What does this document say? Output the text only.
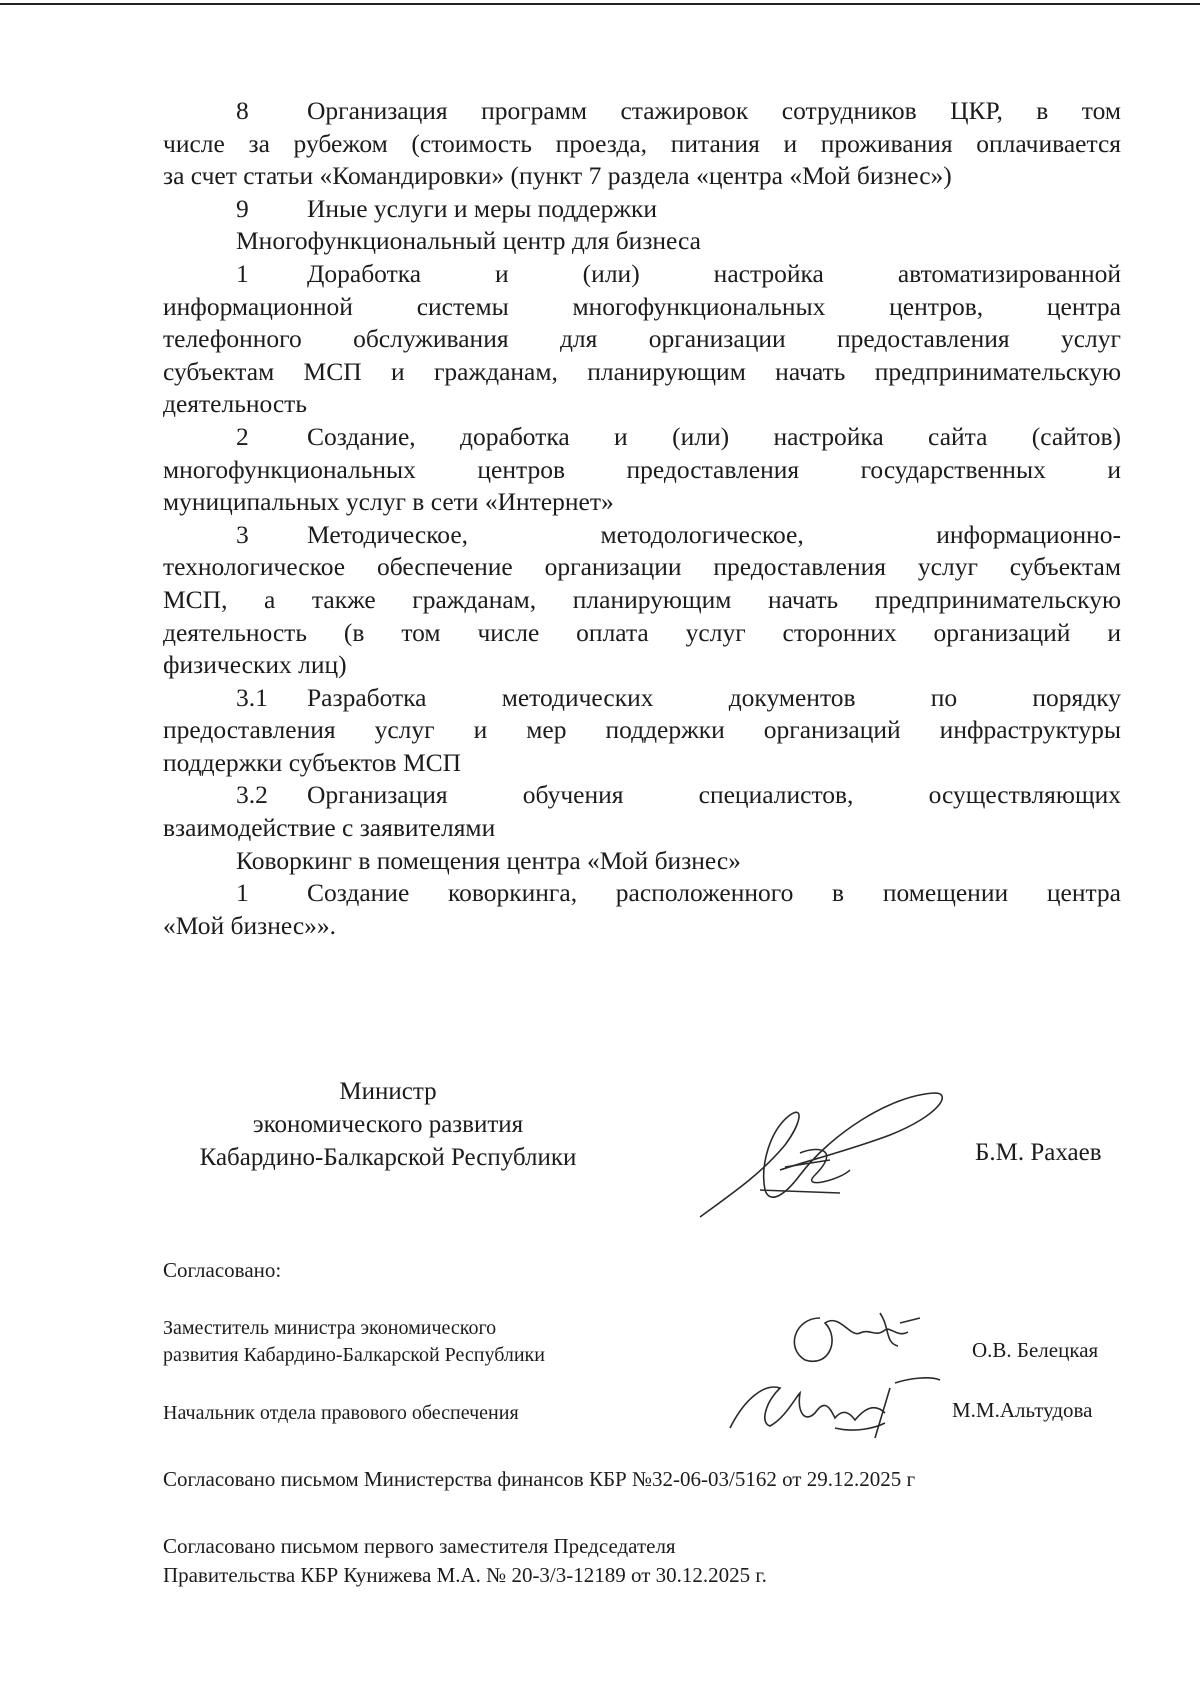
8 Организация программ стажировок сотрудников ЦКР, в том
числе за рубежом (стоимость проезда, питания и проживания оплачивается
за счет статьи «Командировки» (пункт 7 раздела «центра «Мой бизнес»)

9 Иные услуги и меры поддержки

Многофункциональный центр для бизнеса

1 Доработка и (или) настройка автоматизированной
информационной системы многофункциональных центров, центра
телефонного обслуживания для организации предоставления услуг
субъектам МСП и гражданам, планирующим начать предпринимательскую
деятельность

2 Создание, доработка и (или) настройка сайта (сайтов)
многофункциональных центров предоставления государственных и
муниципальных услуг в сети «Интернет»

3 Методическое, методологическое, информационно-
технологическое обеспечение организации предоставления услуг субъектам
МСП, а также гражданам, планирующим начать предпринимательскую
деятельность (в том числе оплата услуг сторонних организаций и
физических лиц)

3.1 Разработка методических документов по порядку
предоставления услуг и мер поддержки организаций инфраструктуры
поддержки субъектов МСП

3.2 Организация обучения специалистов, осуществляющих
взаимодействие с заявителями

Коворкинг в помещения центра «Мой бизнес»

1 Создание коворкинга, расположенного в помещении центра
«Мой бизнес»».

Министр
экономического развития
Кабардино-Балкарской Республики	Б.М. Рахаев
Согласовано:
Заместитель министра экономического
развития Кабардино-Балкарской Республики	О.В. Белецкая
Начальник отдела правового обеспечения	М.М.Альтудова
Согласовано письмом Министерства финансов КБР №32-06-03/5162 от 29.12.2025 г
Согласовано письмом первого заместителя Председателя
Правительства КБР Кунижева М.А. № 20-3/3-12189 от 30.12.2025 г.
